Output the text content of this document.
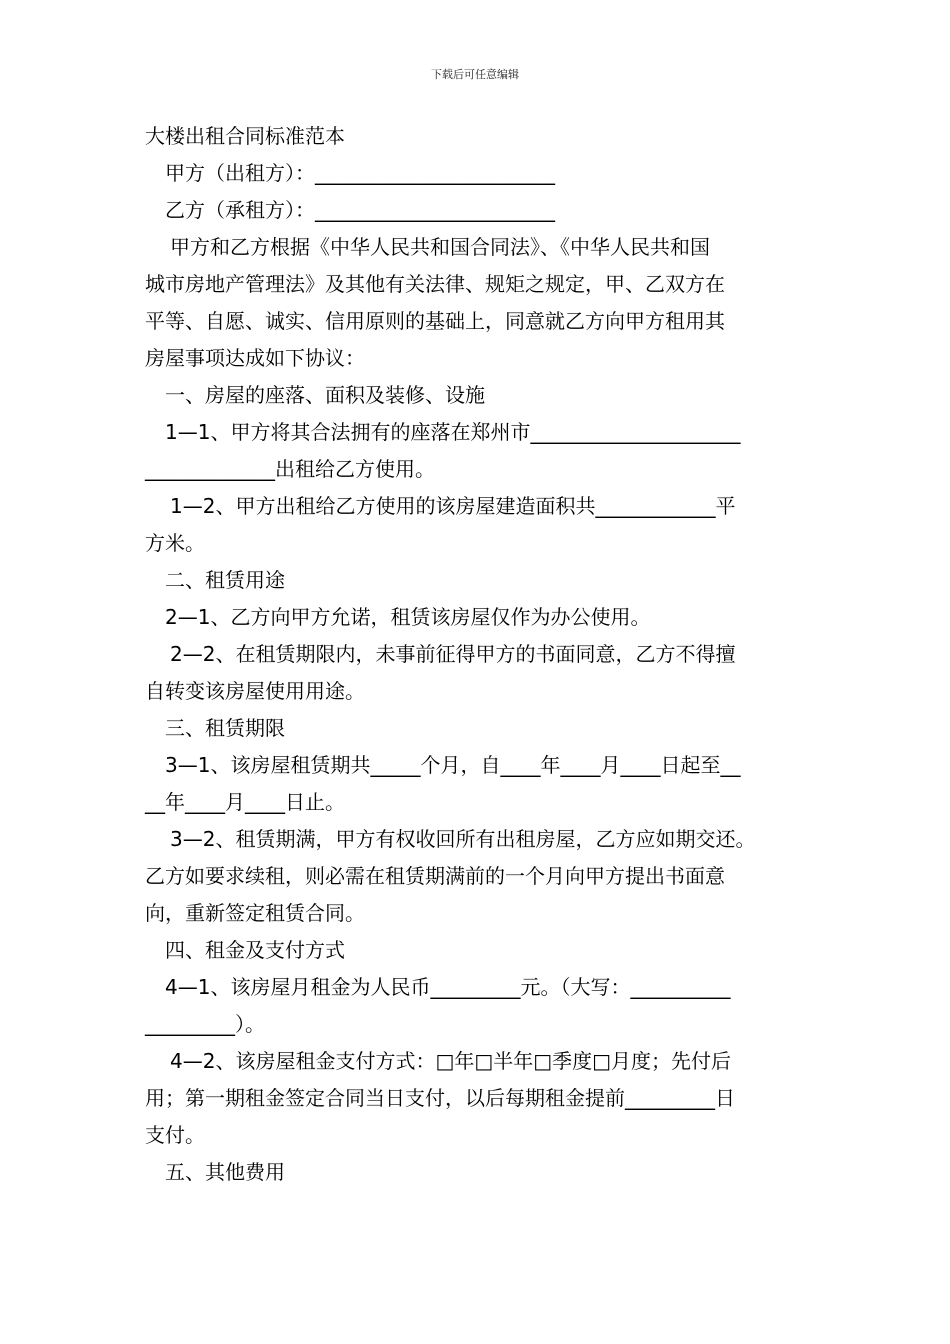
下载后可任意编辑
大楼出租合同标准范本
甲方（出租方）：________________________
乙方（承租方）：________________________
甲方和乙方根据《中华人民共和国合同法》、《中华人民共和国
城市房地产管理法》及其他有关法律、规矩之规定，甲、乙双方在
平等、自愿、诚实、信用原则的基础上，同意就乙方向甲方租用其
房屋事项达成如下协议：
一、房屋的座落、面积及装修、设施
1—1、甲方将其合法拥有的座落在郑州市_____________________
_____________出租给乙方使用。
1—2、甲方出租给乙方使用的该房屋建造面积共____________平
方米。
二、租赁用途
2—1、乙方向甲方允诺，租赁该房屋仅作为办公使用。
2—2、在租赁期限内，未事前征得甲方的书面同意，乙方不得擅
自转变该房屋使用用途。
三、租赁期限
3—1、该房屋租赁期共_____个月，自____年____月____日起至__
__年____月____日止。
3—2、租赁期满，甲方有权收回所有出租房屋，乙方应如期交还。
乙方如要求续租，则必需在租赁期满前的一个月向甲方提出书面意
向，重新签定租赁合同。
四、租金及支付方式
4—1、该房屋月租金为人民币_________元。（大写：__________
_________）。
4—2、该房屋租金支付方式：□年□半年□季度□月度；先付后
用；第一期租金签定合同当日支付，以后每期租金提前_________日
支付。
五、其他费用
